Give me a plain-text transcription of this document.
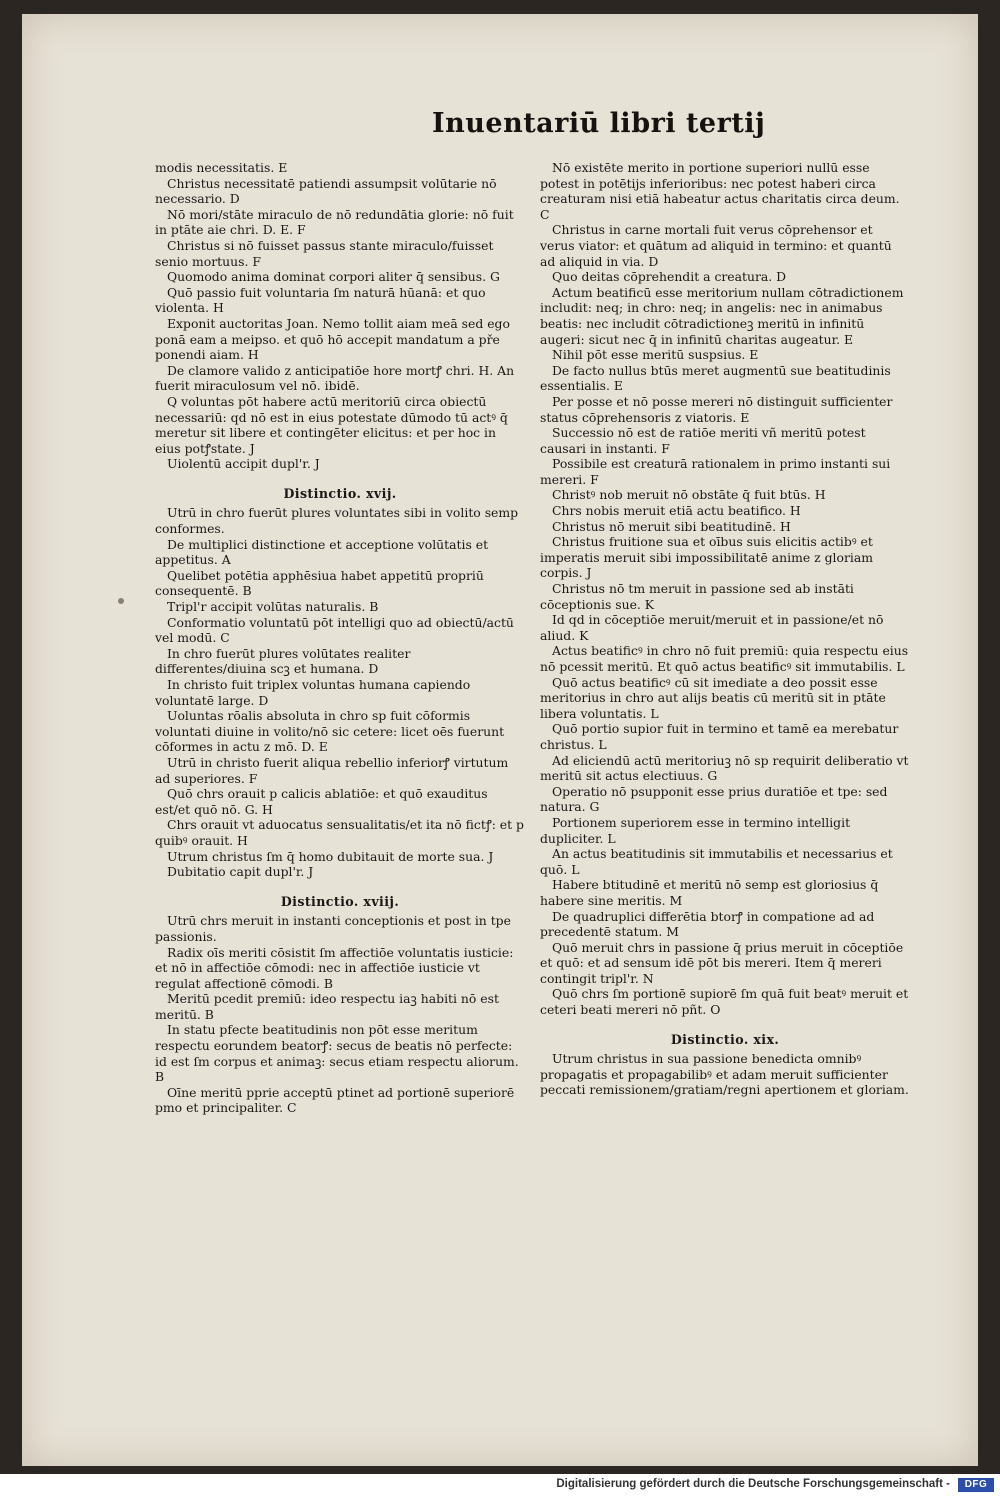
Inuentariū libri tertij

modis necessitatis. E

Christus necessitatē patiendi assumpsit volūtarie nō necessario. D

Nō mori/stāte miraculo de nō redundātia glorie: nō fuit in ptāte aie chri. D. E. F

Christus si nō fuisset passus stante miraculo/fuisset senio mortuus. F

Quomodo anima dominat corpori aliter q̄ sensibus. G

Quō passio fuit voluntaria ſm naturā hūanā: et quo violenta. H

Exponit auctoritas Joan. Nemo tollit aiam meā sed ego ponā eam a meipso. et quō hō accepit mandatum a pře ponendi aiam. H

De clamore valido z anticipatiōe hore mortꝭ chri. H. An fuerit miraculosum vel nō. ibidē.

Q voluntas pōt habere actū meritoriū circa obiectū necessariū: qd nō est in eius potestate dūmodo tū actꝰ q̄ meretur sit libere et contingēter elicitus: et per hoc in eius potꝭstate. J

Uiolentū accipit dupl'r. J

Distinctio. xvij.

Utrū in chro fuerūt plures voluntates sibi in volito semp conformes.

De multiplici distinctione et acceptione volūtatis et appetitus. A

Quelibet potētia apphēsiua habet appetitū propriū consequentē. B

Tripl'r accipit volūtas naturalis. B

Conformatio voluntatū pōt intelligi quo ad obiectū/actū vel modū. C

In chro fuerūt plures volūtates realiter differentes/diuina scꝫ et humana. D

In christo fuit triplex voluntas humana capiendo voluntatē large. D

Uoluntas rōalis absoluta in chro sp fuit cōformis voluntati diuine in volito/nō sic cetere: licet oēs fuerunt cōformes in actu z mō. D. E

Utrū in christo fuerit aliqua rebellio inferiorꝭ virtutum ad superiores. F

Quō chrs orauit p calicis ablatiōe: et quō exauditus est/et quō nō. G. H

Chrs orauit vt aduocatus sensualitatis/et ita nō fictꝭ: et p quibꝰ orauit. H

Utrum christus ſm q̄ homo dubitauit de morte sua. J

Dubitatio capit dupl'r. J

Distinctio. xviij.

Utrū chrs meruit in instanti conceptionis et post in tpe passionis.

Radix oīs meriti cōsistit ſm affectiōe voluntatis iusticie: et nō in affectiōe cōmodi: nec in affectiōe iusticie vt regulat affectionē cōmodi. B

Meritū pcedit premiū: ideo respectu iaꝫ habiti nō est meritū. B

In statu pfecte beatitudinis non pōt esse meritum respectu eorundem beatorꝭ: secus de beatis nō perfecte: id est ſm corpus et animaꝫ: secus etiam respectu aliorum. B

Oīne meritū pprie acceptū ptinet ad portionē superiorē pmo et principaliter. C

Nō existēte merito in portione superiori nullū esse potest in potētijs inferioribus: nec potest haberi circa creaturam nisi etiā habeatur actus charitatis circa deum. C

Christus in carne mortali fuit verus cōprehensor et verus viator: et quātum ad aliquid in termino: et quantū ad aliquid in via. D

Quo deitas cōprehendit a creatura. D

Actum beatificū esse meritorium nullam cōtradictionem includit: neq; in chro: neq; in angelis: nec in animabus beatis: nec includit cōtradictioneꝫ meritū in infinitū augeri: sicut nec q̄ in infinitū charitas augeatur. E

Nihil pōt esse meritū suspsius. E

De facto nullus btūs meret augmentū sue beatitudinis essentialis. E

Per posse et nō posse mereri nō distinguit sufficienter status cōprehensoris z viatoris. E

Successio nō est de ratiōe meriti vñ meritū potest causari in instanti. F

Possibile est creaturā rationalem in primo instanti sui mereri. F

Christꝰ nob meruit nō obstāte q̄ fuit btūs. H

Chrs nobis meruit etiā actu beatifico. H

Christus nō meruit sibi beatitudinē. H

Christus fruitione sua et oībus suis elicitis actibꝰ et imperatis meruit sibi impossibilitatē anime z gloriam corpis. J

Christus nō tm meruit in passione sed ab instāti cōceptionis sue. K

Id qd in cōceptiōe meruit/meruit et in passione/et nō aliud. K

Actus beatificꝰ in chro nō fuit premiū: quia respectu eius nō pcessit meritū. Et quō actus beatificꝰ sit immutabilis. L

Quō actus beatificꝰ cū sit imediate a deo possit esse meritorius in chro aut alijs beatis cū meritū sit in ptāte libera voluntatis. L

Quō portio supior fuit in termino et tamē ea merebatur christus. L

Ad eliciendū actū meritoriuꝫ nō sp requirit deliberatio vt meritū sit actus electiuus. G

Operatio nō psupponit esse prius duratiōe et tpe: sed natura. G

Portionem superiorem esse in termino intelligit dupliciter. L

An actus beatitudinis sit immutabilis et necessarius et quō. L

Habere btitudinē et meritū nō semp est gloriosius q̄ habere sine meritis. M

De quadruplici differētia btorꝭ in compatione ad ad precedentē statum. M

Quō meruit chrs in passione q̄ prius meruit in cōceptiōe et quō: et ad sensum idē pōt bis mereri. Item q̄ mereri contingit tripl'r. N

Quō chrs ſm portionē supiorē ſm quā fuit beatꝰ meruit et ceteri beati mereri nō pñt. O

Distinctio. xix.

Utrum christus in sua passione benedicta omnibꝰ propagatis et propagabilibꝰ et adam meruit sufficienter peccati remissionem/gratiam/regni apertionem et gloriam.

Digitalisierung gefördert durch die Deutsche Forschungsgemeinschaft -	DFG
